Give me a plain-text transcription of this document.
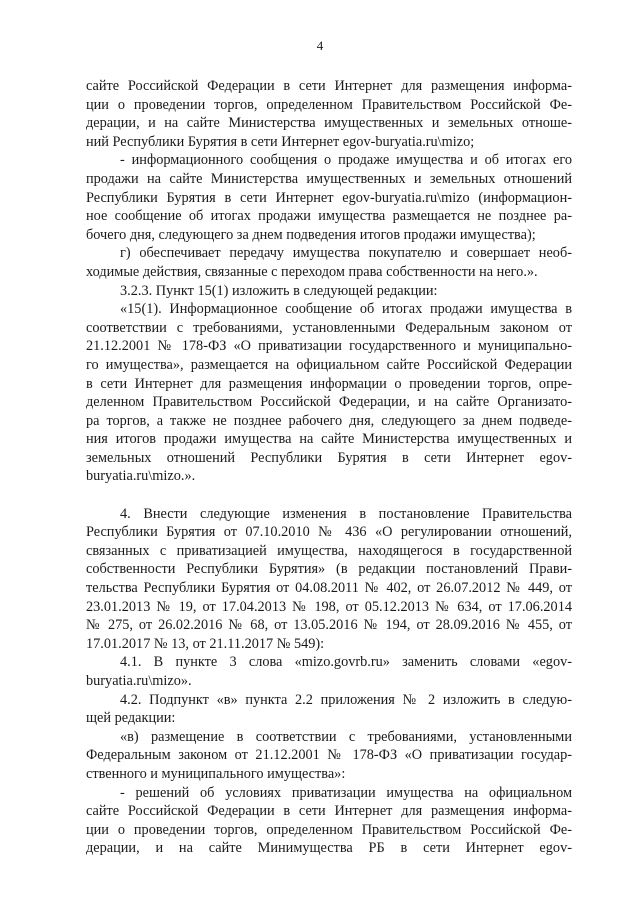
4

сайте Российской Федерации в сети Интернет для размещения информа-

ции о проведении торгов, определенном Правительством Российской Фе-

дерации, и на сайте Министерства имущественных и земельных отноше-

ний Республики Бурятия в сети Интернет egov-buryatia.ru\mizo;

- информационного сообщения о продаже имущества и об итогах его

продажи на сайте Министерства имущественных и земельных отношений

Республики Бурятия в сети Интернет egov-buryatia.ru\mizo (информацион-

ное сообщение об итогах продажи имущества размещается не позднее ра-

бочего дня, следующего за днем подведения итогов продажи имущества);

г) обеспечивает передачу имущества покупателю и совершает необ-

ходимые действия, связанные с переходом права собственности на него.».

3.2.3. Пункт 15(1) изложить в следующей редакции:

«15(1). Информационное сообщение об итогах продажи имущества в

соответствии с требованиями, установленными Федеральным законом от

21.12.2001 № 178-ФЗ «О приватизации государственного и муниципально-

го имущества», размещается на официальном сайте Российской Федерации

в сети Интернет для размещения информации о проведении торгов, опре-

деленном Правительством Российской Федерации, и на сайте Организато-

ра торгов, а также не позднее рабочего дня, следующего за днем подведе-

ния итогов продажи имущества на сайте Министерства имущественных и

земельных отношений Республики Бурятия в сети Интернет egov-

buryatia.ru\mizo.».

4. Внести следующие изменения в постановление Правительства

Республики Бурятия от 07.10.2010 № 436 «О регулировании отношений,

связанных с приватизацией имущества, находящегося в государственной

собственности Республики Бурятия» (в редакции постановлений Прави-

тельства Республики Бурятия от 04.08.2011 № 402, от 26.07.2012 № 449, от

23.01.2013 № 19, от 17.04.2013 № 198, от 05.12.2013 № 634, от 17.06.2014

№ 275, от 26.02.2016 № 68, от 13.05.2016 № 194, от 28.09.2016 № 455, от

17.01.2017 № 13, от 21.11.2017 № 549):

4.1. В пункте 3 слова «mizo.govrb.ru» заменить словами «egov-

buryatia.ru\mizo».

4.2. Подпункт «в» пункта 2.2 приложения № 2 изложить в следую-

щей редакции:

«в) размещение в соответствии с требованиями, установленными

Федеральным законом от 21.12.2001 № 178-ФЗ «О приватизации государ-

ственного и муниципального имущества»:

- решений об условиях приватизации имущества на официальном

сайте Российской Федерации в сети Интернет для размещения информа-

ции о проведении торгов, определенном Правительством Российской Фе-

дерации, и на сайте Минимущества РБ в сети Интернет egov-
